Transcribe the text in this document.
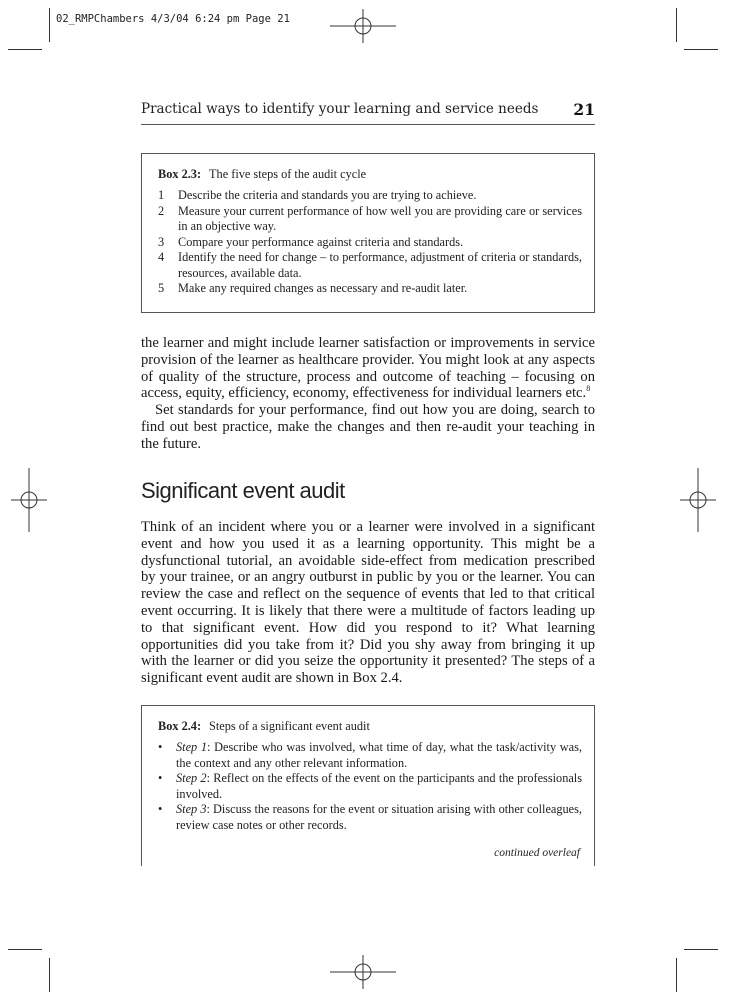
02_RMPChambers 4/3/04 6:24 pm Page 21
Practical ways to identify your learning and service needs 21
Box 2.3: The five steps of the audit cycle
1 Describe the criteria and standards you are trying to achieve.
2 Measure your current performance of how well you are providing care or services in an objective way.
3 Compare your performance against criteria and standards.
4 Identify the need for change – to performance, adjustment of criteria or standards, resources, available data.
5 Make any required changes as necessary and re-audit later.

the learner and might include learner satisfaction or improvements in service provision of the learner as healthcare provider. You might look at any aspects of quality of the structure, process and outcome of teaching – focusing on access, equity, efficiency, economy, effectiveness for individual learners etc.$^8$

Set standards for your performance, find out how you are doing, search to find out best practice, make the changes and then re-audit your teaching in the future.

Significant event audit

Think of an incident where you or a learner were involved in a significant event and how you used it as a learning opportunity. This might be a dysfunctional tutorial, an avoidable side-effect from medication prescribed by your trainee, or an angry outburst in public by you or the learner. You can review the case and reflect on the sequence of events that led to that critical event occurring. It is likely that there were a multitude of factors leading up to that significant event. How did you respond to it? What learning opportunities did you take from it? Did you shy away from bringing it up with the learner or did you seize the opportunity it presented? The steps of a significant event audit are shown in Box 2.4.

Box 2.4: Steps of a significant event audit
• Step 1: Describe who was involved, what time of day, what the task/activity was, the context and any other relevant information.
• Step 2: Reflect on the effects of the event on the participants and the professionals involved.
• Step 3: Discuss the reasons for the event or situation arising with other colleagues, review case notes or other records.
continued overleaf
